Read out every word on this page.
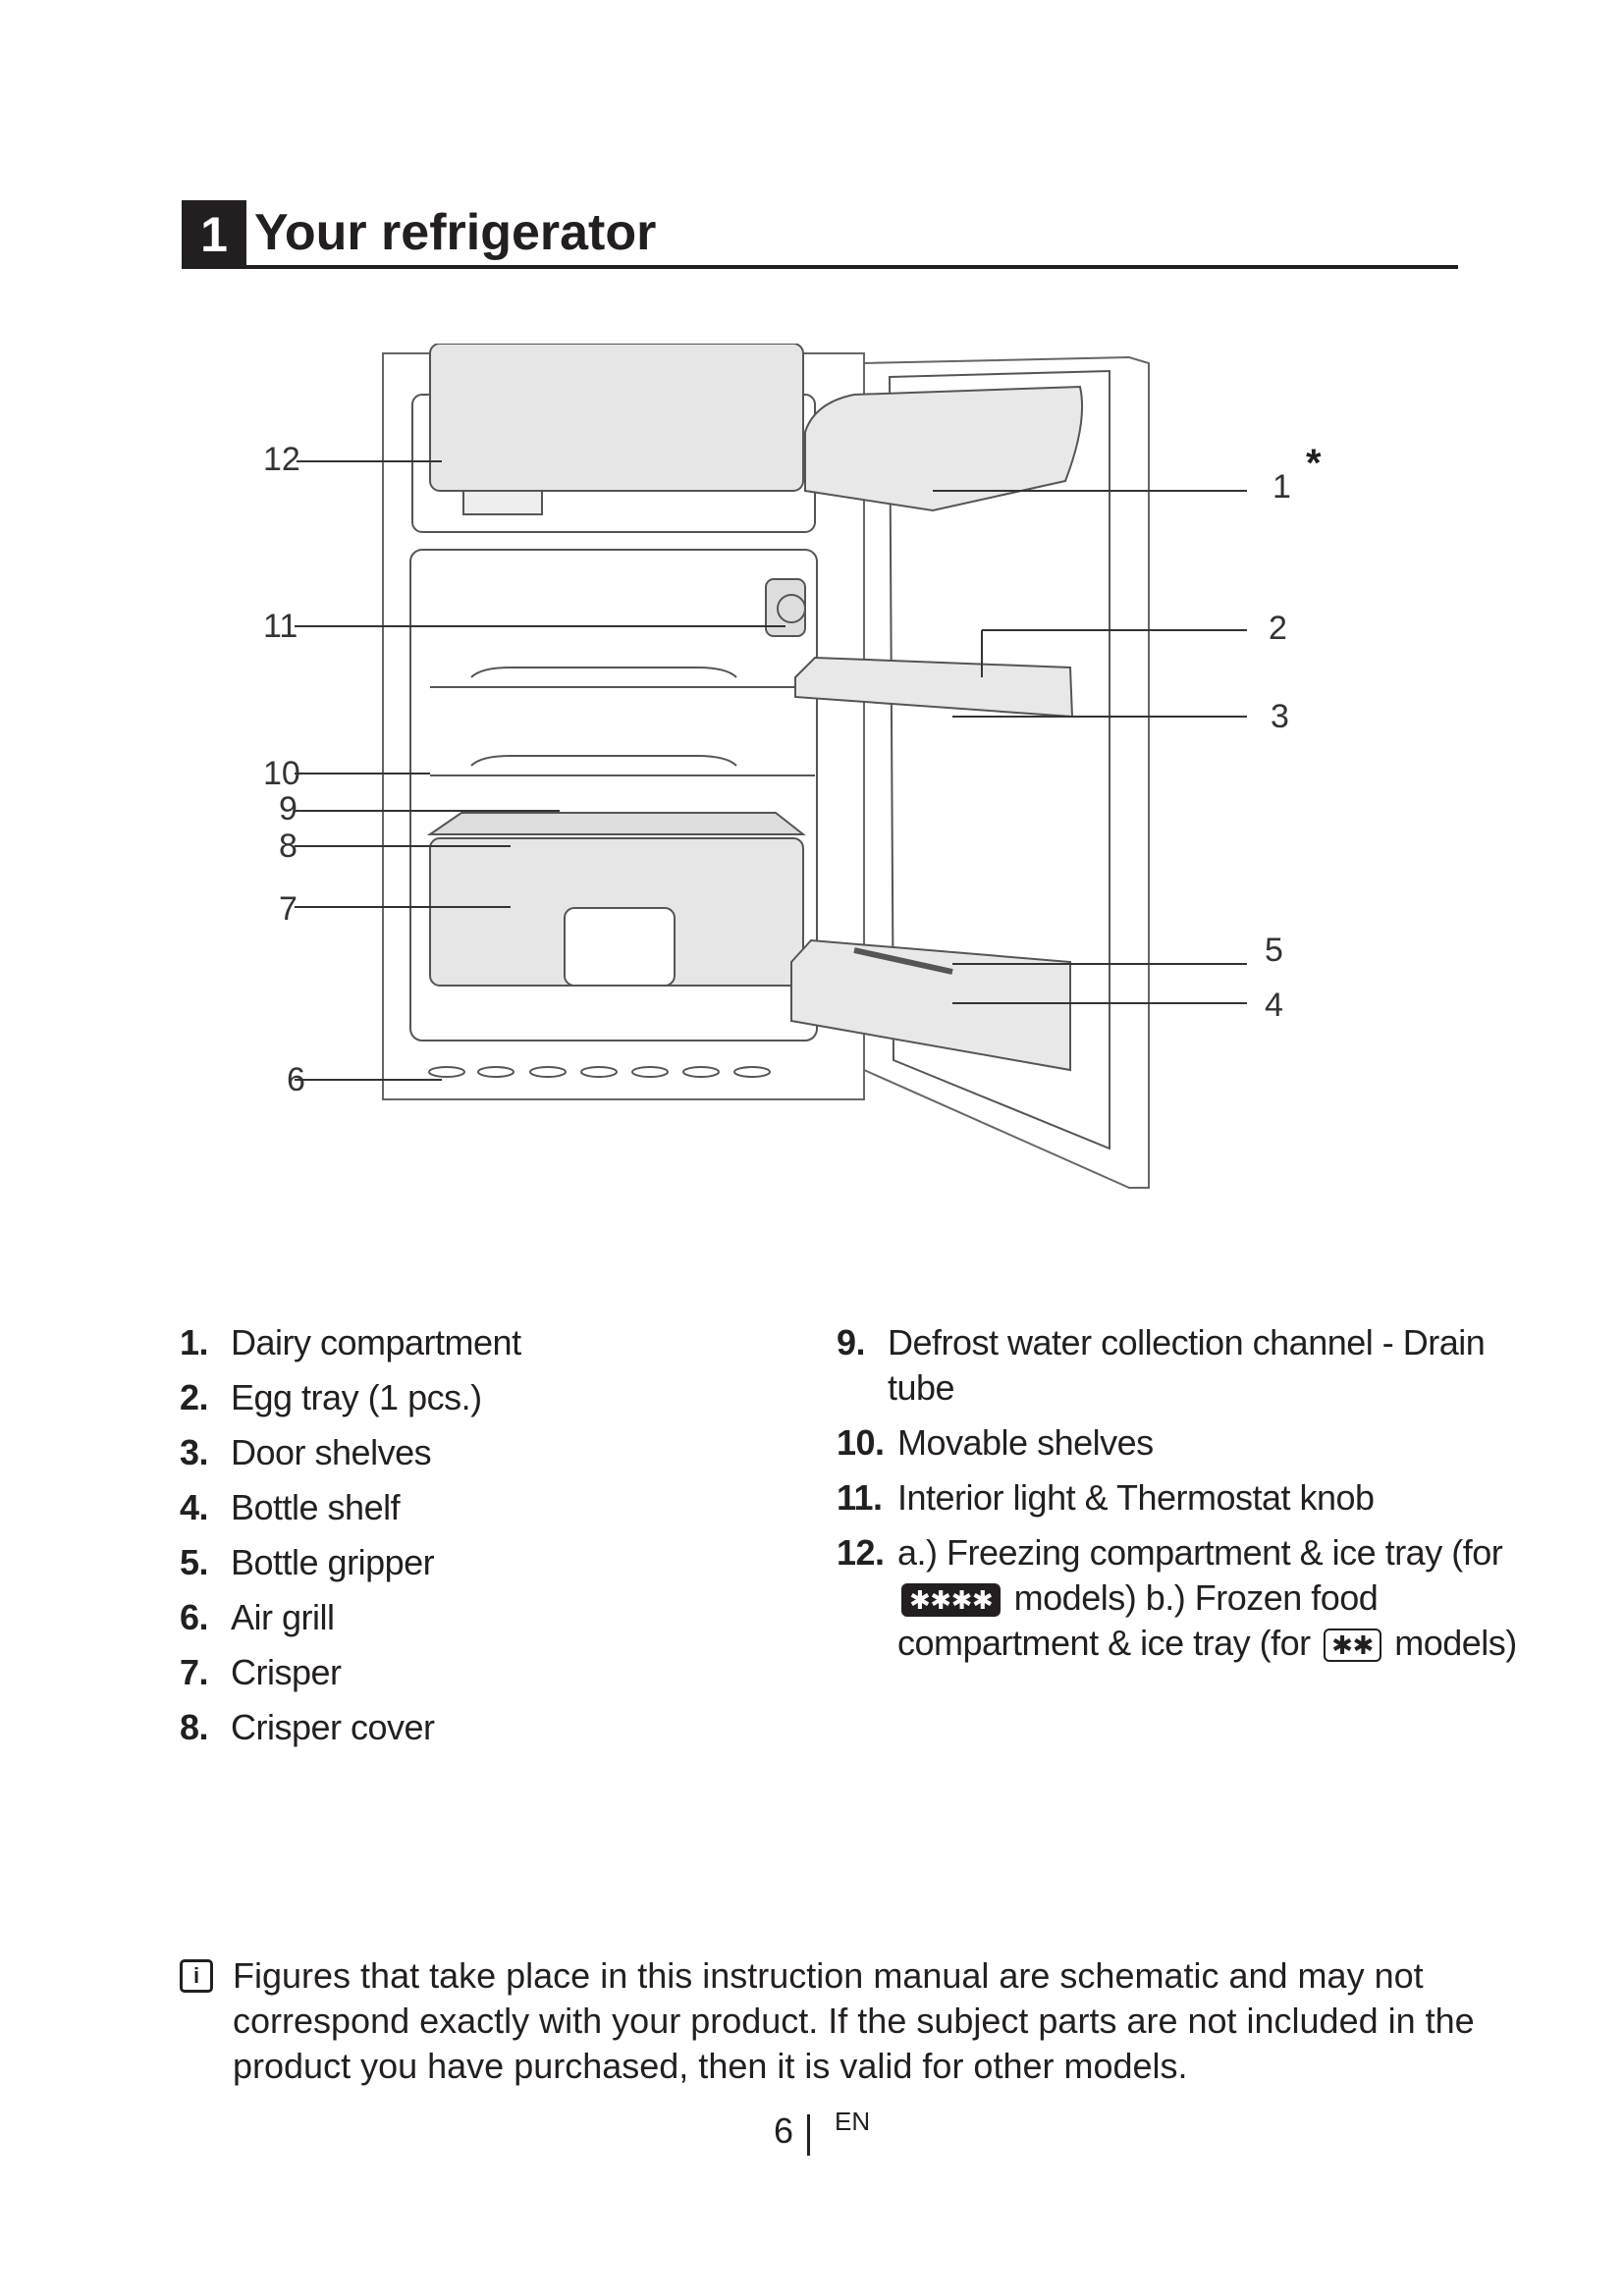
1 Your refrigerator
12
11
10
9
8
7
6
1
*
2
3
4
5
1. Dairy compartment
2. Egg tray (1 pcs.)
3. Door shelves
4. Bottle shelf
5. Bottle gripper
6. Air grill
7. Crisper
8. Crisper cover
9. Defrost water collection channel - Drain tube
10. Movable shelves
11. Interior light & Thermostat knob
12. a.) Freezing compartment & ice tray (for ✱✱✱✱ models) b.) Frozen food compartment & ice tray (for ✱✱ models)
i Figures that take place in this instruction manual are schematic and may not correspond exactly with your product. If the subject parts are not included in the product you have purchased, then it is valid for other models.
6 EN
